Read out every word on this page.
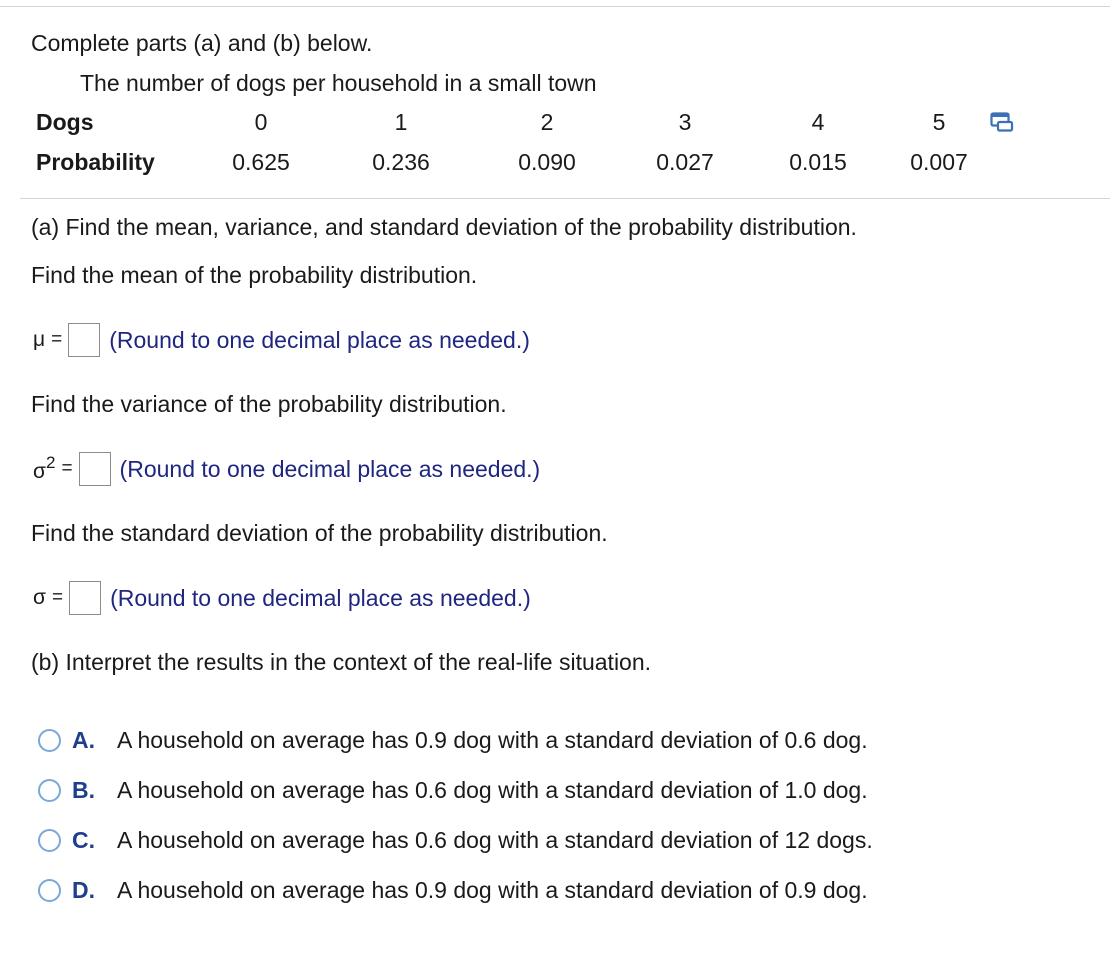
Complete parts (a) and (b) below.
The number of dogs per household in a small town
Dogs	0	1	2	3	4	5
Probability	0.625	0.236	0.090	0.027	0.015	0.007
(a) Find the mean, variance, and standard deviation of the probability distribution.
Find the mean of the probability distribution.
μ = (Round to one decimal place as needed.)
Find the variance of the probability distribution.
$\sigma^2$ = (Round to one decimal place as needed.)
Find the standard deviation of the probability distribution.
σ = (Round to one decimal place as needed.)
(b) Interpret the results in the context of the real-life situation.
A. A household on average has 0.9 dog with a standard deviation of 0.6 dog.
B. A household on average has 0.6 dog with a standard deviation of 1.0 dog.
C. A household on average has 0.6 dog with a standard deviation of 12 dogs.
D. A household on average has 0.9 dog with a standard deviation of 0.9 dog.
